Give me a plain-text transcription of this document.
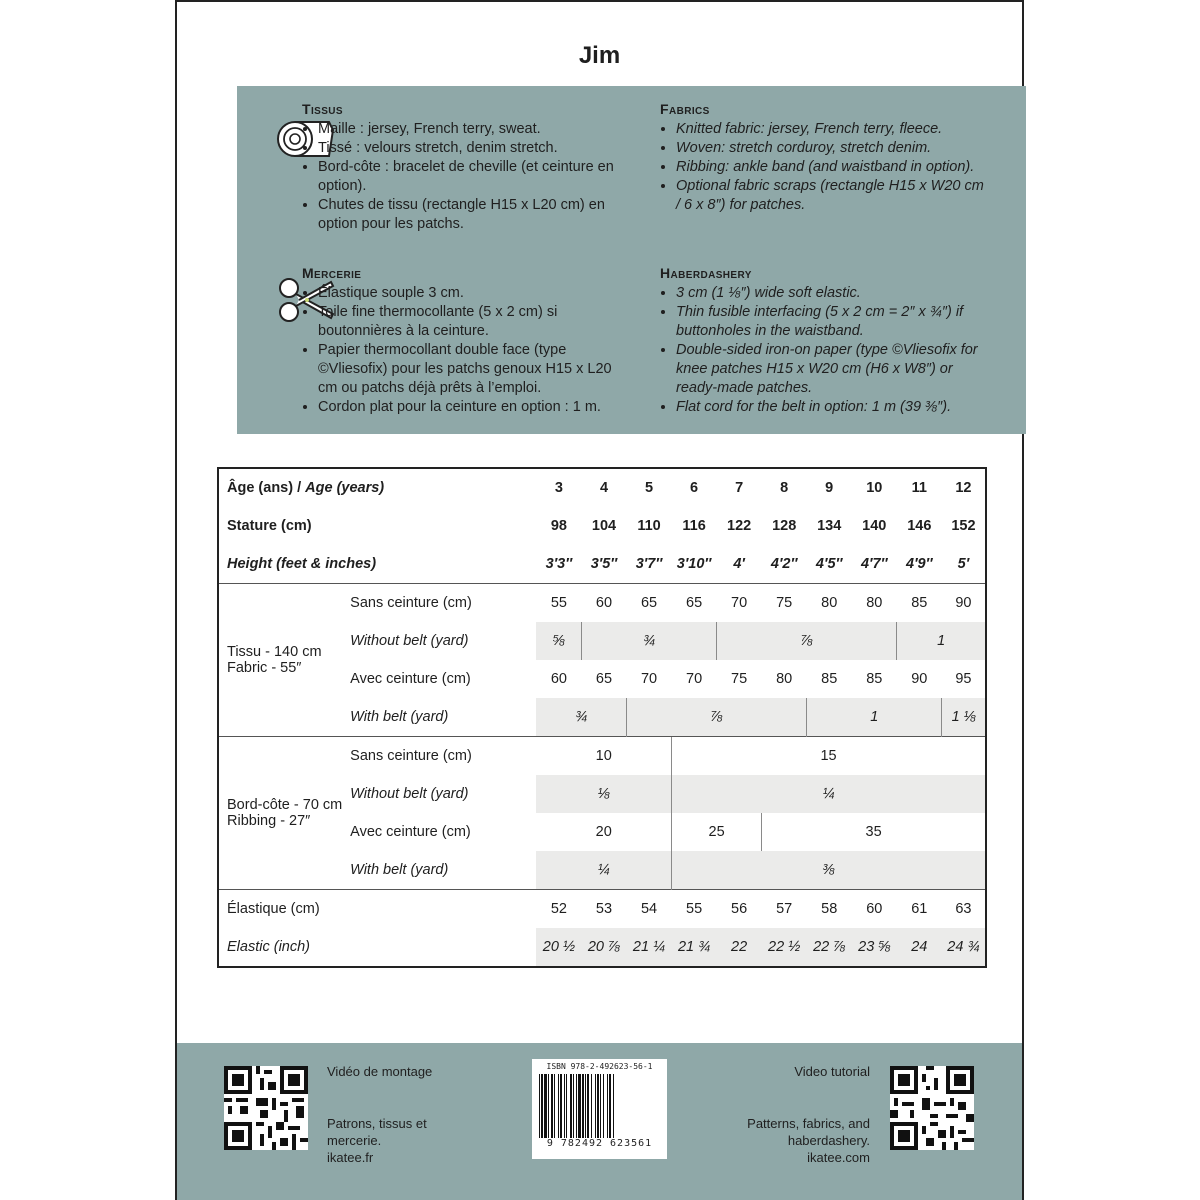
Jim
Tissus
• Maille : jersey, French terry, sweat.
• Tissé : velours stretch, denim stretch.
• Bord-côte : bracelet de cheville (et ceinture en option).
• Chutes de tissu (rectangle H15 x L20 cm) en option pour les patchs.
Fabrics
• Knitted fabric: jersey, French terry, fleece.
• Woven: stretch corduroy, stretch denim.
• Ribbing: ankle band (and waistband in option).
• Optional fabric scraps (rectangle H15 x W20 cm / 6 x 8″) for patches.
Mercerie
• Élastique souple 3 cm.
• Toile fine thermocollante (5 x 2 cm) si boutonnières à la ceinture.
• Papier thermocollant double face (type ©Vliesofix) pour les patchs genoux H15 x L20 cm ou patchs déjà prêts à l’emploi.
• Cordon plat pour la ceinture en option : 1 m.
Haberdashery
• 3 cm (1 ⅛″) wide soft elastic.
• Thin fusible interfacing (5 x 2 cm = 2″ x ¾″) if buttonholes in the waistband.
• Double-sided iron-on paper (type ©Vliesofix for knee patches H15 x W20 cm (H6 x W8″) or ready-made patches.
• Flat cord for the belt in option: 1 m (39 ⅜″).
Âge (ans) / Age (years)		3	4	5	6	7	8	9	10	11	12
Stature (cm)		98	104	110	116	122	128	134	140	146	152
Height (feet & inches)		3′3″	3′5″	3′7″	3′10″	4′	4′2″	4′5″	4′7″	4′9″	5′

Tissu - 140 cm
Fabric - 55″	Sans ceinture (cm)	55	60	65	65	70	75	80	80	85	90
	Without belt (yard)	⅝	¾			⅞				1	
	Avec ceinture (cm)	60	65	70	70	75	80	85	85	90	95
	With belt (yard)	¾		⅞				1			1 ⅛

Bord-côte - 70 cm
Ribbing - 27″	Sans ceinture (cm)	10			15						
	Without belt (yard)	⅛			¼						
	Avec ceinture (cm)	20			25		35				
	With belt (yard)	¼			⅜						
Élastique (cm)		52	53	54	55	56	57	58	60	61	63
Elastic (inch)		20 ½	20 ⅞	21 ¼	21 ¾	22	22 ½	22 ⅞	23 ⅝	24	24 ¾
Vidéo de montage
Patrons, tissus et mercerie.
ikatee.fr
ISBN 978-2-492623-56-1
9 782492 623561
Video tutorial
Patterns, fabrics, and haberdashery.
ikatee.com
